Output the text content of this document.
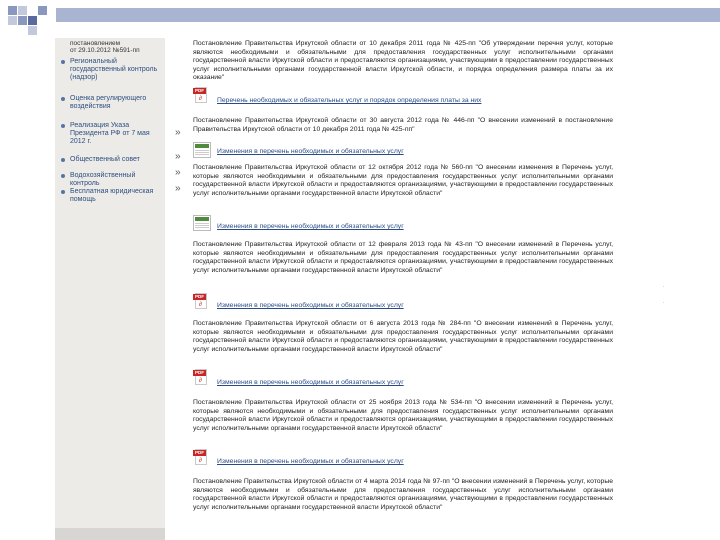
постановлением
от 29.10.2012 №591-пп
Региональный государственный контроль (надзор)
Оценка регулирующего воздействия
Реализация Указа Президента РФ от 7 мая 2012 г.
Общественный совет
Водохозяйственный контроль
Бесплатная юридическая помощь
»
»
»
»
Постановление Правительства Иркутской области от 10 декабря 2011 года № 425-пп "Об утверждении перечня услуг, которые являются необходимыми и обязательными для предоставления государственных услуг исполнительными органами государственной власти Иркутской области и предоставляются организациями, участвующими в предоставлении государственных услуг исполнительными органами государственной власти Иркутской области, и порядка определения размера платы за их оказание"
PDF
∂ Перечень необходимых и обязательных услуг и порядок определения платы за них
Постановление Правительства Иркутской области от 30 августа 2012 года № 446-пп "О внесении изменений в постановление Правительства Иркутской области от 10 декабря 2011 года № 425-пп"
Изменения в перечень необходимых и обязательных услуг
Постановление Правительства Иркутской области от 12 октября 2012 года № 560-пп "О внесении изменения в Перечень услуг, которые являются необходимыми и обязательными для предоставления государственных услуг исполнительными органами государственной власти Иркутской области и предоставляются организациями, участвующими в предоставлении государственных услуг исполнительными органами государственной власти Иркутской области"
Изменения в перечень необходимых и обязательных услуг
Постановление Правительства Иркутской области от 12 февраля 2013 года № 43-пп "О внесении изменений в Перечень услуг, которые являются необходимыми и обязательными для предоставления государственных услуг исполнительными органами государственной власти Иркутской области и предоставляются организациями, участвующими в предоставлении государственных услуг исполнительными органами государственной власти Иркутской области"
PDF
∂ Изменения в перечень необходимых и обязательных услуг
Постановление Правительства Иркутской области от 6 августа 2013 года № 284-пп "О внесении изменений в Перечень услуг, которые являются необходимыми и обязательными для предоставления государственных услуг исполнительными органами государственной власти Иркутской области и предоставляются организациями, участвующими в предоставлении государственных услуг исполнительными органами государственной власти Иркутской области"
PDF
∂ Изменения в перечень необходимых и обязательных услуг
Постановление Правительства Иркутской области от 25 ноября 2013 года № 534-пп "О внесении изменений в Перечень услуг, которые являются необходимыми и обязательными для предоставления государственных услуг исполнительными органами государственной власти Иркутской области и предоставляются организациями, участвующими в предоставлении государственных услуг исполнительными органами государственной власти Иркутской области"
PDF
∂ Изменения в перечень необходимых и обязательных услуг
Постановление Правительства Иркутской области от 4 марта 2014 года № 97-пп "О внесении изменений в Перечень услуг, которые являются необходимыми и обязательными для предоставления государственных услуг исполнительными органами государственной власти Иркутской области и предоставляются организациями, участвующими в предоставлении государственных услуг исполнительными органами государственной власти Иркутской области"
·
·
